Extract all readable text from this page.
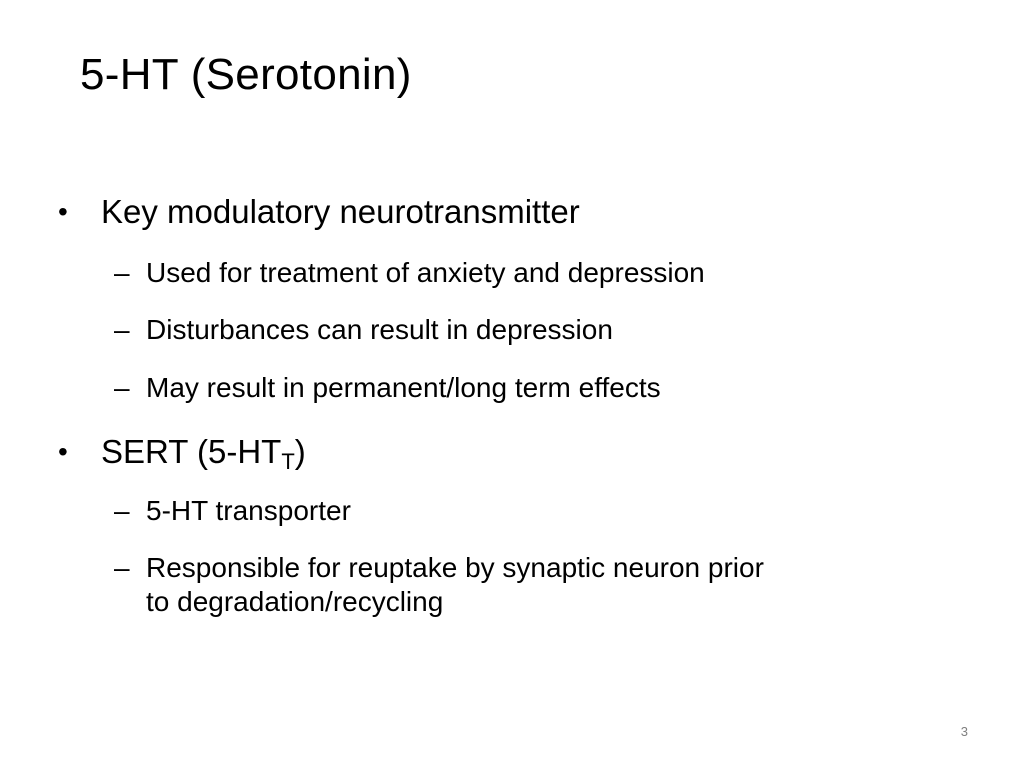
5-HT (Serotonin)
•	Key modulatory neurotransmitter
– Used for treatment of anxiety and depression
– Disturbances can result in depression
– May result in permanent/long term effects
•	SERT $(5-HT_T)$
– 5-HT transporter
– Responsible for reuptake by synaptic neuron prior
to degradation/recycling
3
